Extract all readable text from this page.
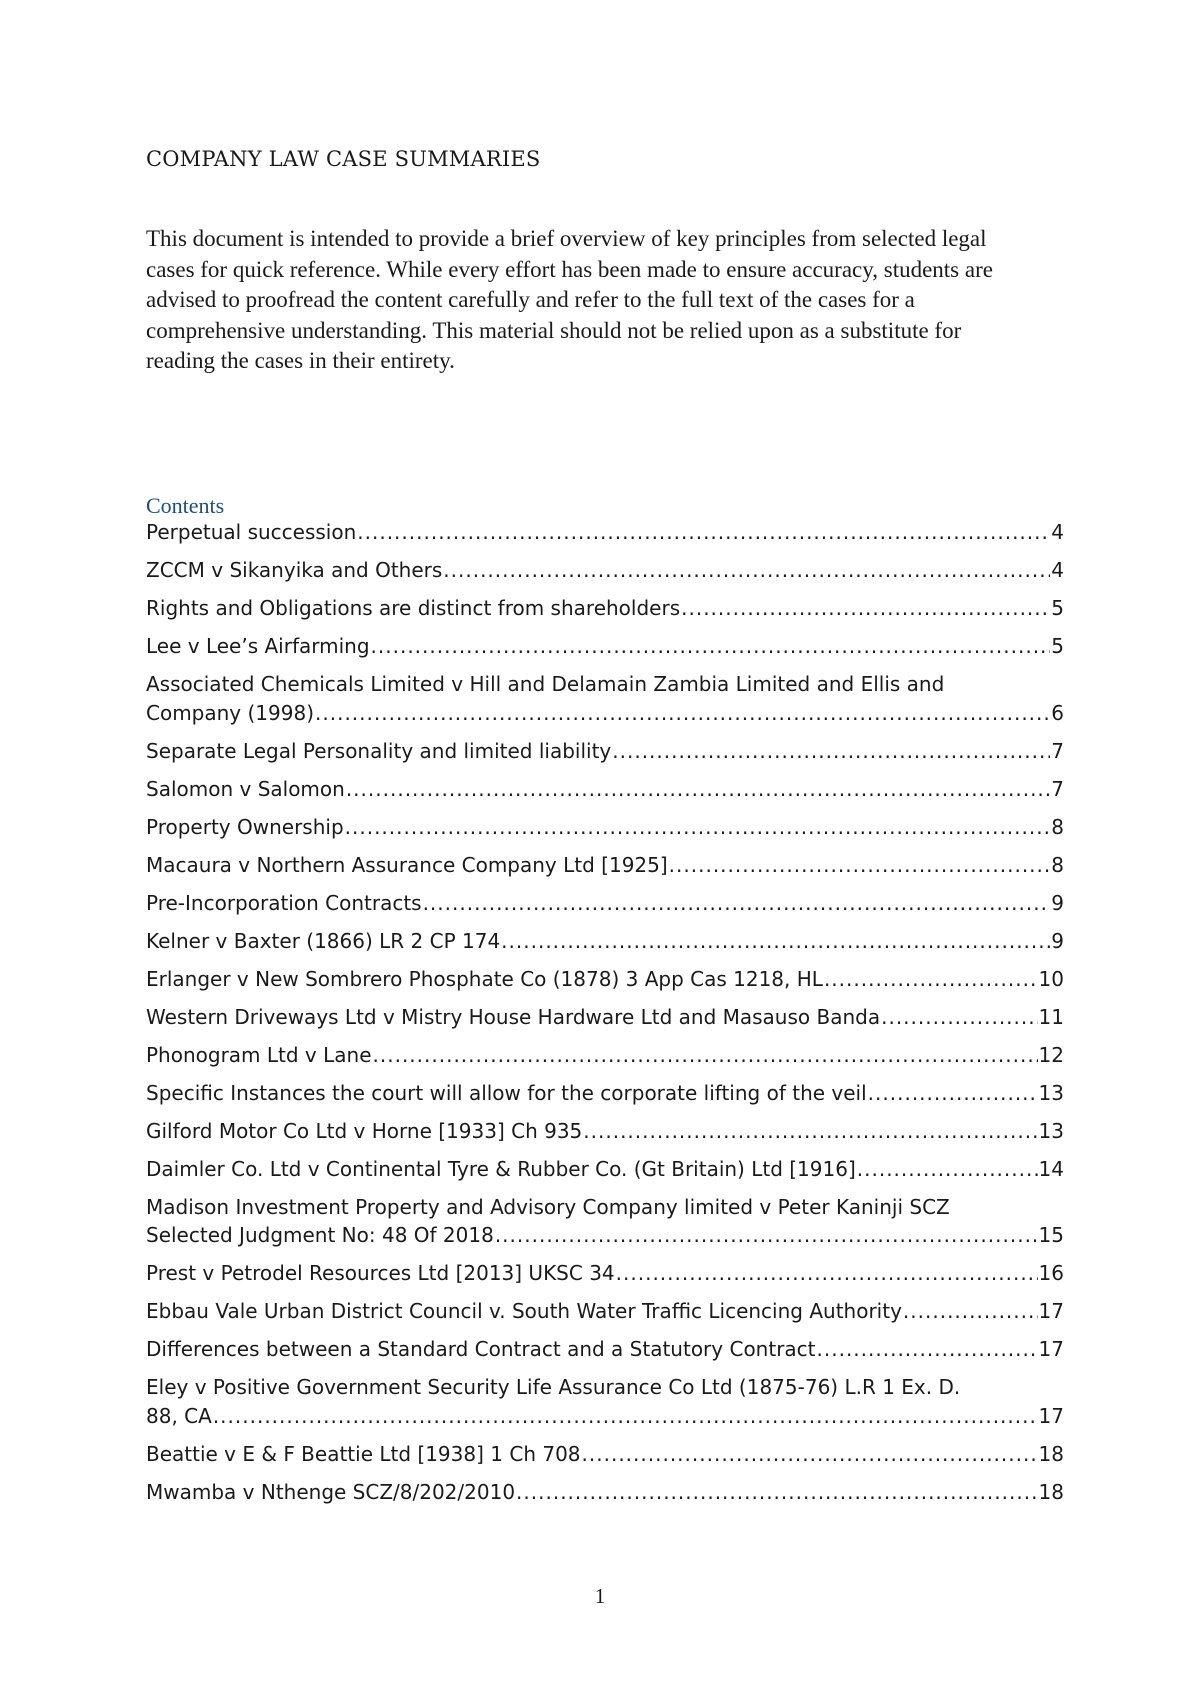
COMPANY LAW CASE SUMMARIES

This document is intended to provide a brief overview of key principles from selected legal
cases for quick reference. While every effort has been made to ensure accuracy, students are
advised to proofread the content carefully and refer to the full text of the cases for a
comprehensive understanding. This material should not be relied upon as a substitute for
reading the cases in their entirety.

Contents
Perpetual succession .....	4
ZCCM v Sikanyika and Others .....	4
Rights and Obligations are distinct from shareholders .....	5
Lee v Lee’s Airfarming .....	5
Associated Chemicals Limited v Hill and Delamain Zambia Limited and Ellis and
Company (1998) .....	6
Separate Legal Personality and limited liability .....	7
Salomon v Salomon .....	7
Property Ownership .....	8
Macaura v Northern Assurance Company Ltd [1925] .....	8
Pre-Incorporation Contracts .....	9
Kelner v Baxter (1866) LR 2 CP 174 .....	9
Erlanger v New Sombrero Phosphate Co (1878) 3 App Cas 1218, HL .....	10
Western Driveways Ltd v Mistry House Hardware Ltd and Masauso Banda .....	11
Phonogram Ltd v Lane .....	12
Specific Instances the court will allow for the corporate lifting of the veil .....	13
Gilford Motor Co Ltd v Horne [1933] Ch 935 .....	13
Daimler Co. Ltd v Continental Tyre & Rubber Co. (Gt Britain) Ltd [1916] .....	14
Madison Investment Property and Advisory Company limited v Peter Kaninji SCZ
Selected Judgment No: 48 Of 2018 .....	15
Prest v Petrodel Resources Ltd [2013] UKSC 34 .....	16
Ebbau Vale Urban District Council v. South Water Traffic Licencing Authority .....	17
Differences between a Standard Contract and a Statutory Contract .....	17
Eley v Positive Government Security Life Assurance Co Ltd (1875-76) L.R 1 Ex. D.
88, CA .....	17
Beattie v E & F Beattie Ltd [1938] 1 Ch 708 .....	18
Mwamba v Nthenge SCZ/8/202/2010 .....	18
1
